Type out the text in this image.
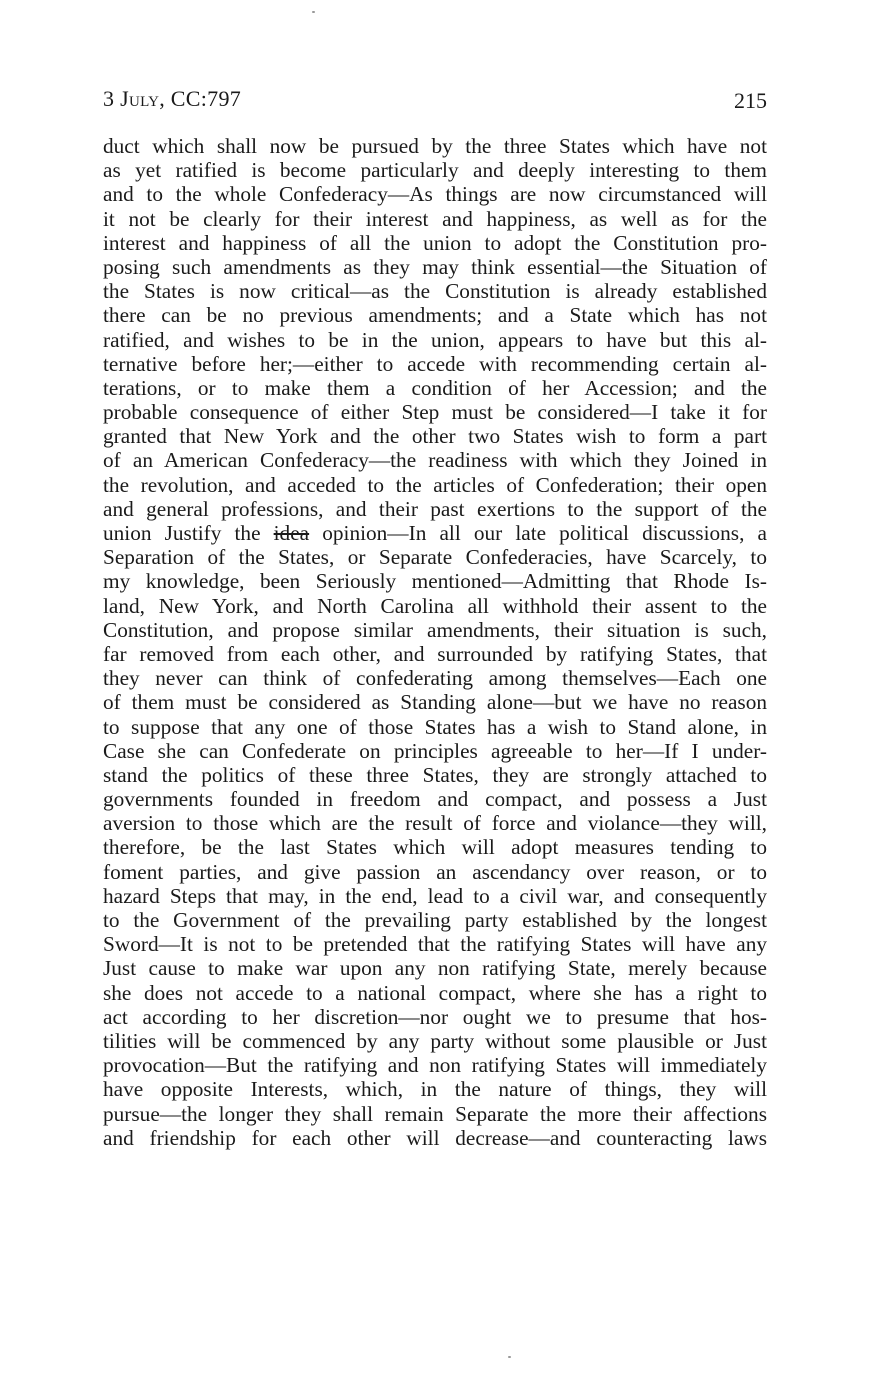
3 July, CC:797	215
duct which shall now be pursued by the three States which have not
as yet ratified is become particularly and deeply interesting to them
and to the whole Confederacy—As things are now circumstanced will
it not be clearly for their interest and happiness, as well as for the
interest and happiness of all the union to adopt the Constitution pro-
posing such amendments as they may think essential—the Situation of
the States is now critical—as the Constitution is already established
there can be no previous amendments; and a State which has not
ratified, and wishes to be in the union, appears to have but this al-
ternative before her;—either to accede with recommending certain al-
terations, or to make them a condition of her Accession; and the
probable consequence of either Step must be considered—I take it for
granted that New York and the other two States wish to form a part
of an American Confederacy—the readiness with which they Joined in
the revolution, and acceded to the articles of Confederation; their open
and general professions, and their past exertions to the support of the
union Justify the idea opinion—In all our late political discussions, a
Separation of the States, or Separate Confederacies, have Scarcely, to
my knowledge, been Seriously mentioned—Admitting that Rhode Is-
land, New York, and North Carolina all withhold their assent to the
Constitution, and propose similar amendments, their situation is such,
far removed from each other, and surrounded by ratifying States, that
they never can think of confederating among themselves—Each one
of them must be considered as Standing alone—but we have no reason
to suppose that any one of those States has a wish to Stand alone, in
Case she can Confederate on principles agreeable to her—If I under-
stand the politics of these three States, they are strongly attached to
governments founded in freedom and compact, and possess a Just
aversion to those which are the result of force and violance—they will,
therefore, be the last States which will adopt measures tending to
foment parties, and give passion an ascendancy over reason, or to
hazard Steps that may, in the end, lead to a civil war, and consequently
to the Government of the prevailing party established by the longest
Sword—It is not to be pretended that the ratifying States will have any
Just cause to make war upon any non ratifying State, merely because
she does not accede to a national compact, where she has a right to
act according to her discretion—nor ought we to presume that hos-
tilities will be commenced by any party without some plausible or Just
provocation—But the ratifying and non ratifying States will immediately
have opposite Interests, which, in the nature of things, they will
pursue—the longer they shall remain Separate the more their affections
and friendship for each other will decrease—and counteracting laws
